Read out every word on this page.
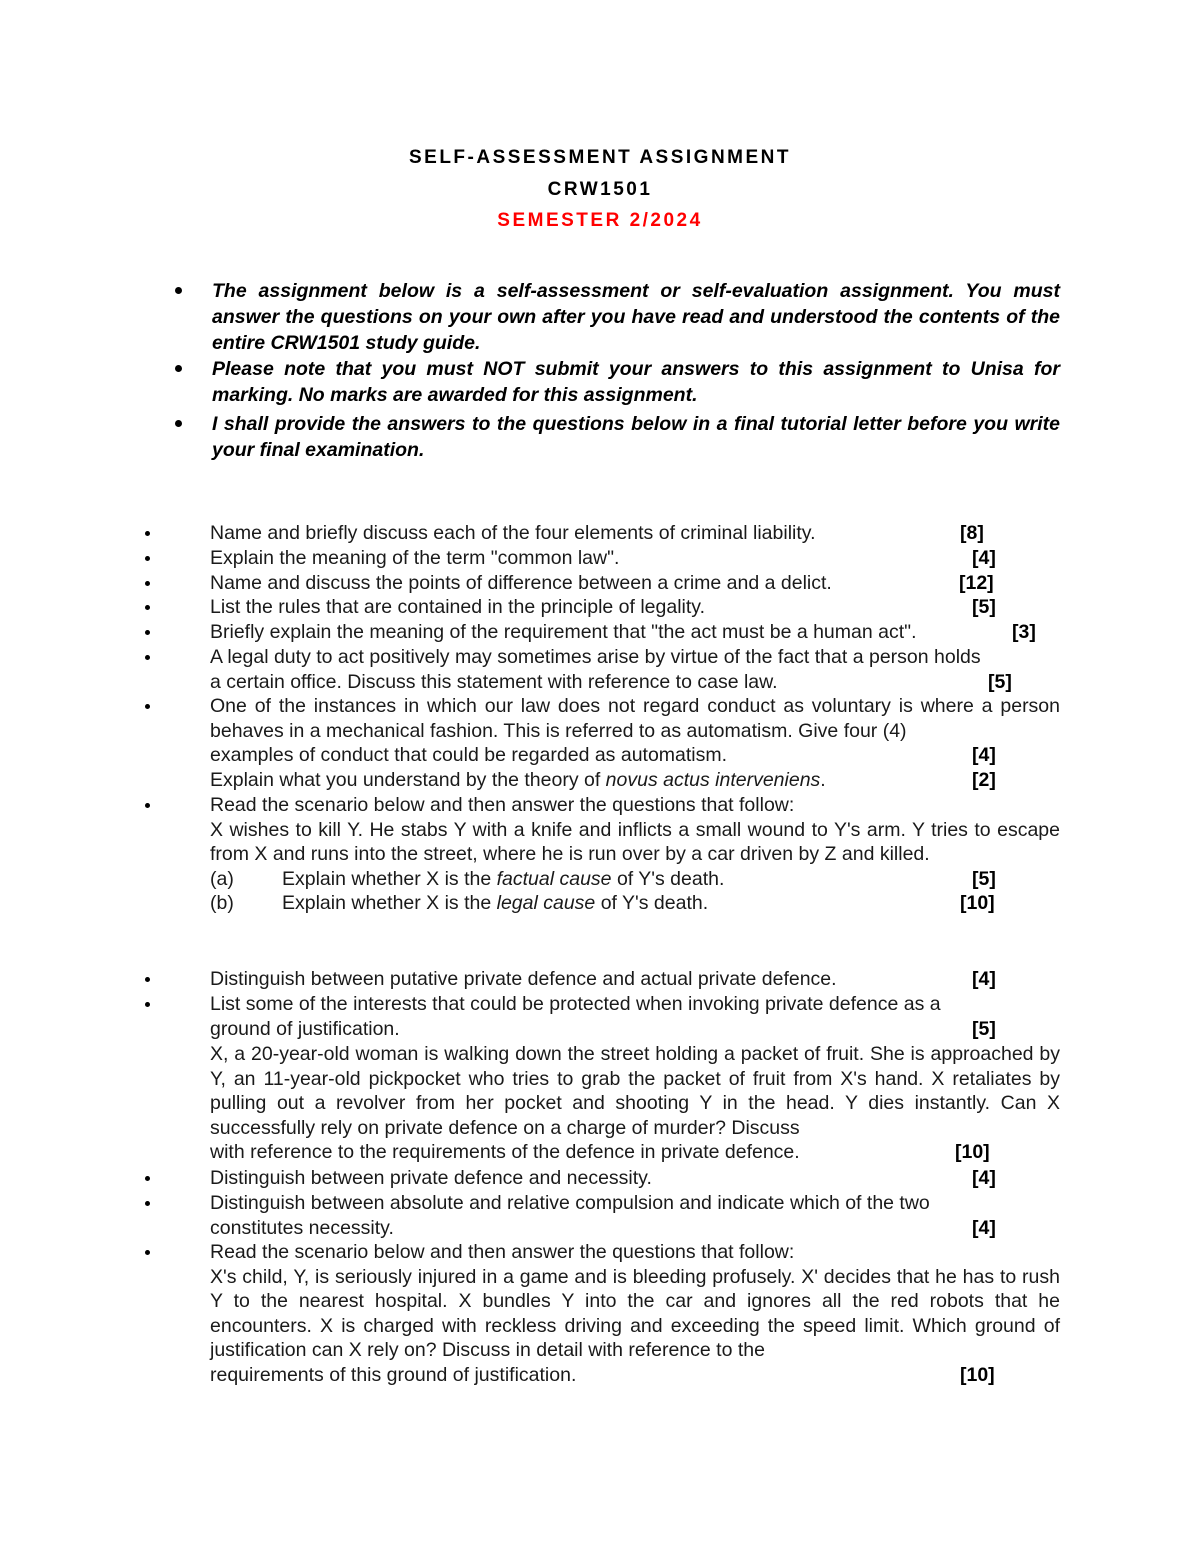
SELF-ASSESSMENT ASSIGNMENT
CRW1501
SEMESTER 2/2024
The assignment below is a self-assessment or self-evaluation assignment. You must answer the questions on your own after you have read and understood the contents of the entire CRW1501 study guide.
Please note that you must NOT submit your answers to this assignment to Unisa for marking. No marks are awarded for this assignment.
I shall provide the answers to the questions below in a final tutorial letter before you write your final examination.
Name and briefly discuss each of the four elements of criminal liability.	[8]
Explain the meaning of the term "common law".	[4]
Name and discuss the points of difference between a crime and a delict.	[12]
List the rules that are contained in the principle of legality.	[5]
Briefly explain the meaning of the requirement that "the act must be a human act".	[3]
A legal duty to act positively may sometimes arise by virtue of the fact that a person holds
a certain office. Discuss this statement with reference to case law.	[5]
One of the instances in which our law does not regard conduct as voluntary is where a person behaves in a mechanical fashion. This is referred to as automatism. Give four (4)
examples of conduct that could be regarded as automatism.	[4]
Explain what you understand by the theory of novus actus interveniens.	[2]
Read the scenario below and then answer the questions that follow:
X wishes to kill Y. He stabs Y with a knife and inflicts a small wound to Y's arm. Y tries to escape from X and runs into the street, where he is run over by a car driven by Z and killed.
(a) Explain whether X is the factual cause of Y's death.	[5]
(b) Explain whether X is the legal cause of Y's death.	[10]
Distinguish between putative private defence and actual private defence.	[4]
List some of the interests that could be protected when invoking private defence as a
ground of justification.	[5]
X, a 20-year-old woman is walking down the street holding a packet of fruit. She is approached by Y, an 11-year-old pickpocket who tries to grab the packet of fruit from X's hand. X retaliates by pulling out a revolver from her pocket and shooting Y in the head. Y dies instantly. Can X successfully rely on private defence on a charge of murder? Discuss
with reference to the requirements of the defence in private defence.	[10]
Distinguish between private defence and necessity.	[4]
Distinguish between absolute and relative compulsion and indicate which of the two
constitutes necessity.	[4]
Read the scenario below and then answer the questions that follow:
X's child, Y, is seriously injured in a game and is bleeding profusely. X' decides that he has to rush Y to the nearest hospital. X bundles Y into the car and ignores all the red robots that he encounters. X is charged with reckless driving and exceeding the speed limit. Which ground of justification can X rely on? Discuss in detail with reference to the
requirements of this ground of justification.	[10]
